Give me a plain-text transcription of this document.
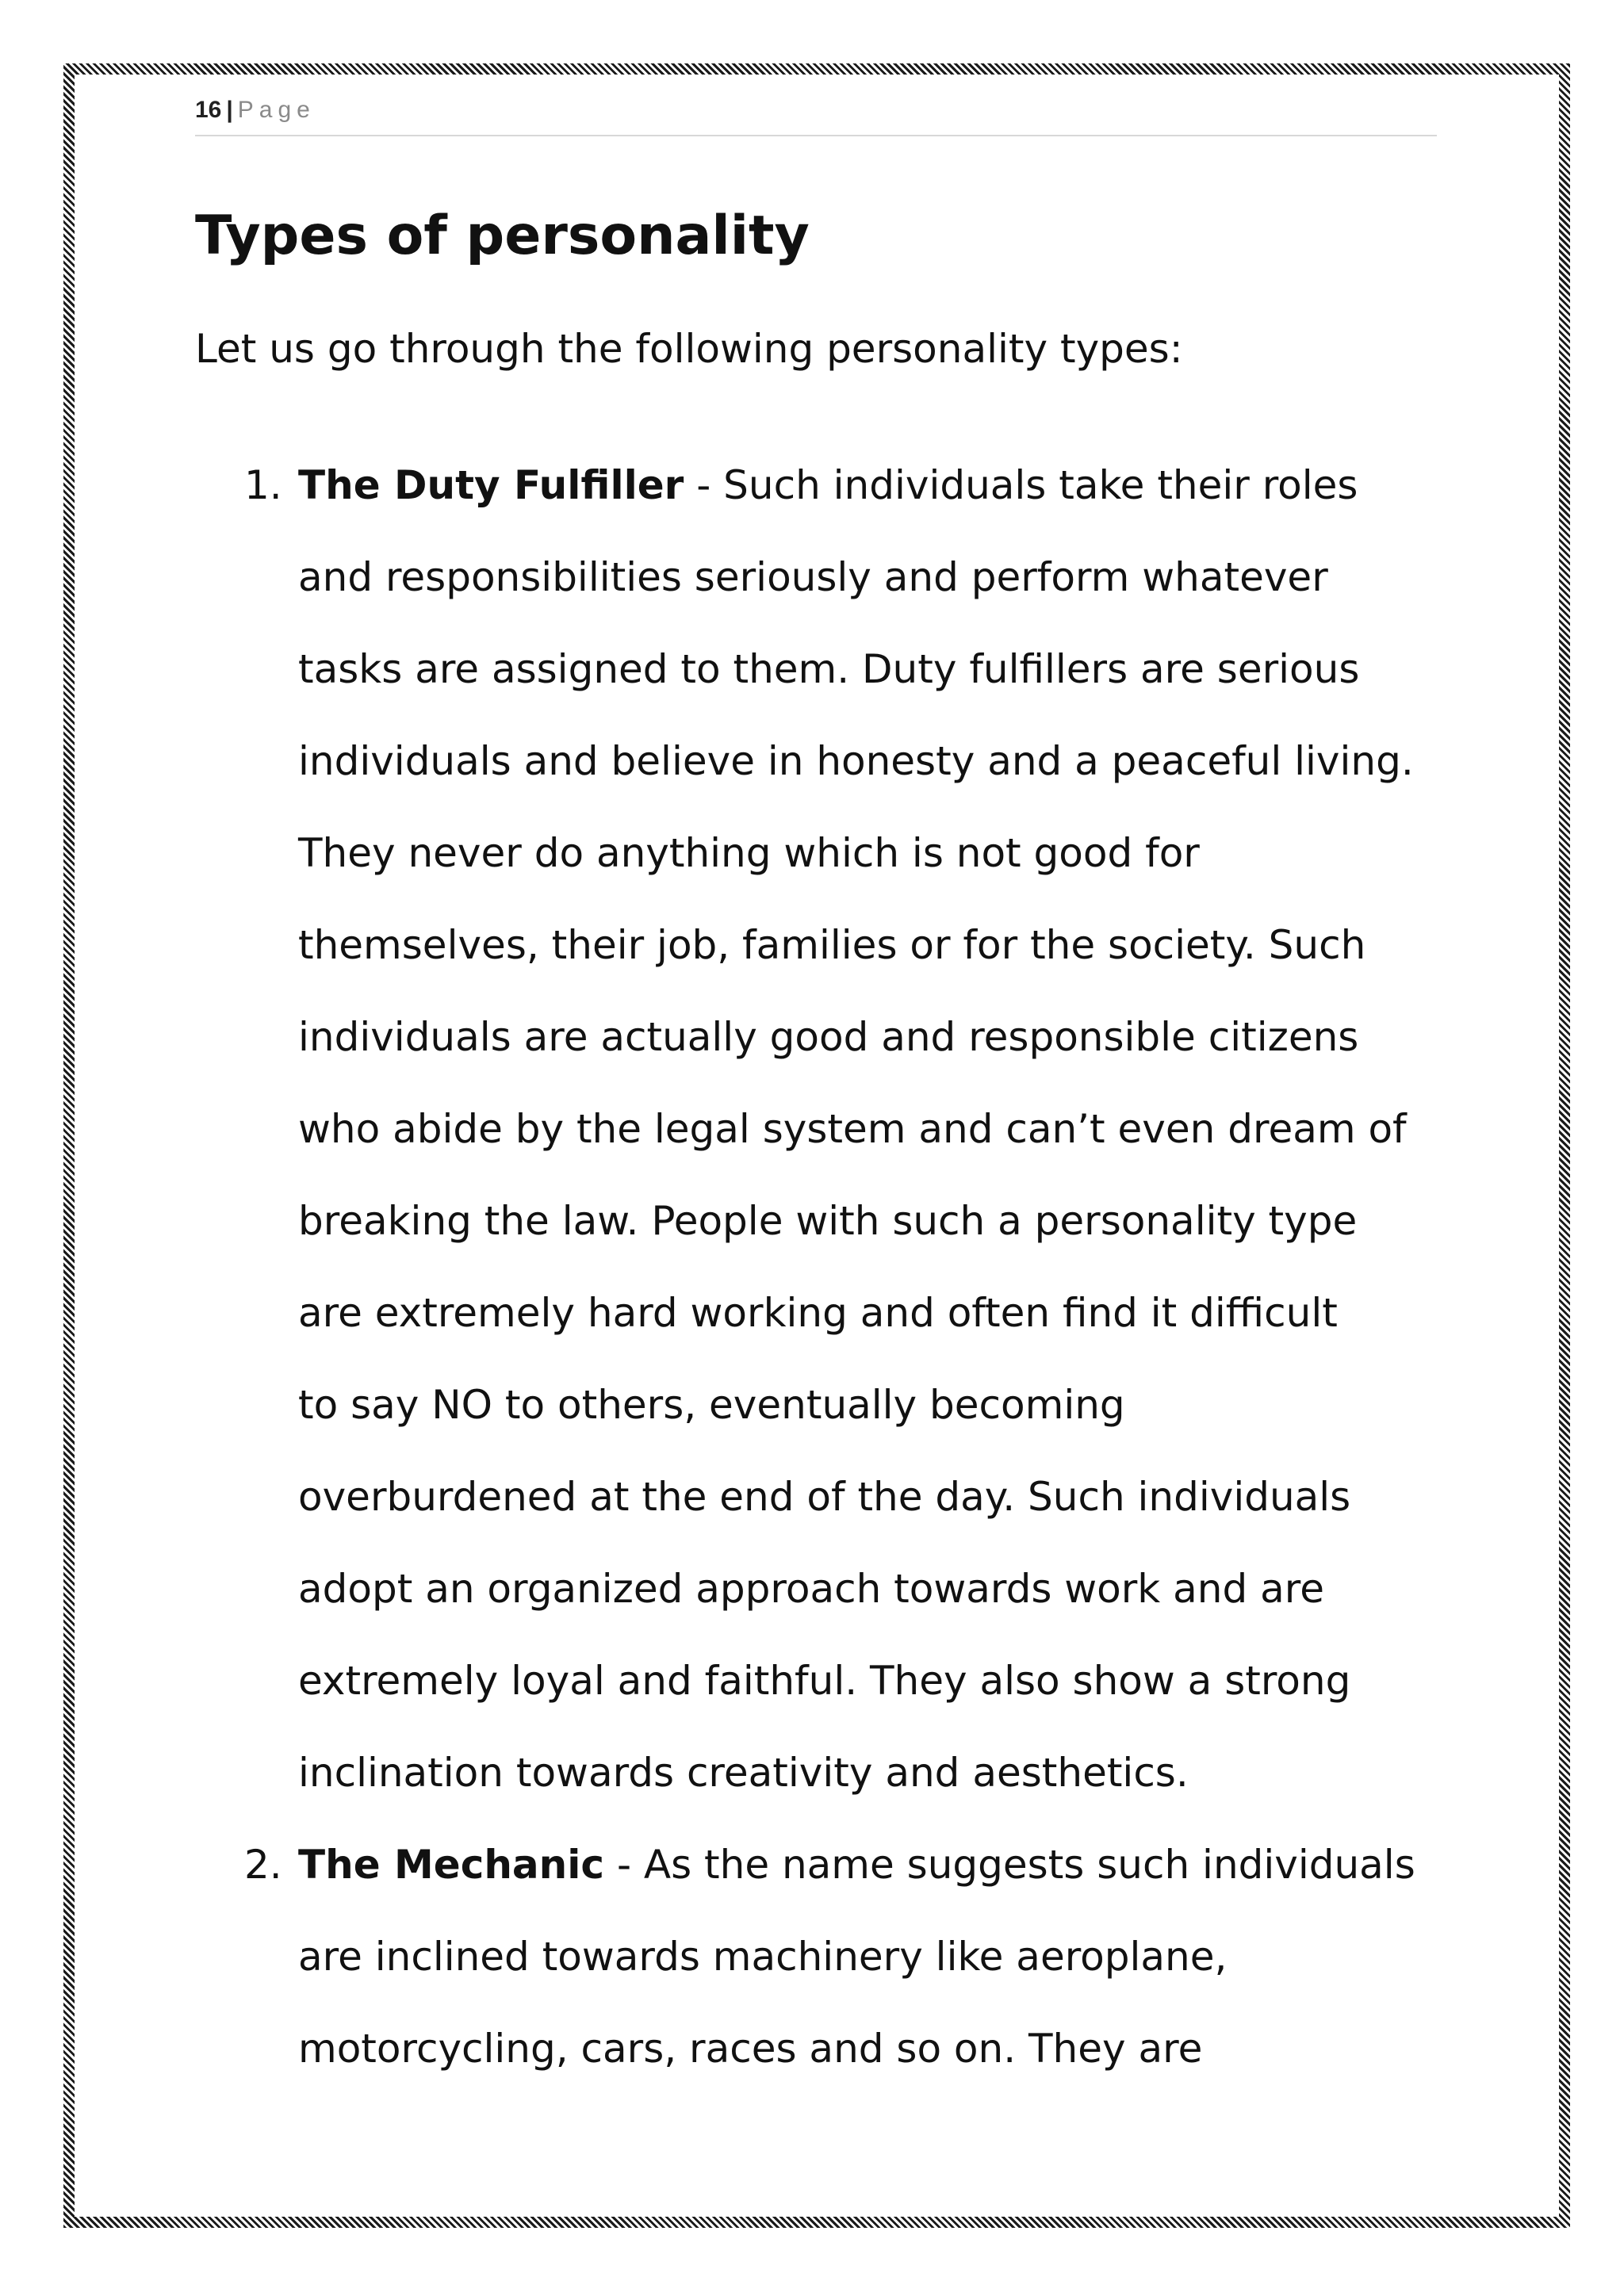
16 | Page
Types of personality

Let us go through the following personality types:

1. The Duty Fulfiller - Such individuals take their roles
and responsibilities seriously and perform whatever
tasks are assigned to them. Duty fulfillers are serious
individuals and believe in honesty and a peaceful living.
They never do anything which is not good for
themselves, their job, families or for the society. Such
individuals are actually good and responsible citizens
who abide by the legal system and can’t even dream of
breaking the law. People with such a personality type
are extremely hard working and often find it difficult
to say NO to others, eventually becoming
overburdened at the end of the day. Such individuals
adopt an organized approach towards work and are
extremely loyal and faithful. They also show a strong
inclination towards creativity and aesthetics.
2. The Mechanic - As the name suggests such individuals
are inclined towards machinery like aeroplane,
motorcycling, cars, races and so on. They are
